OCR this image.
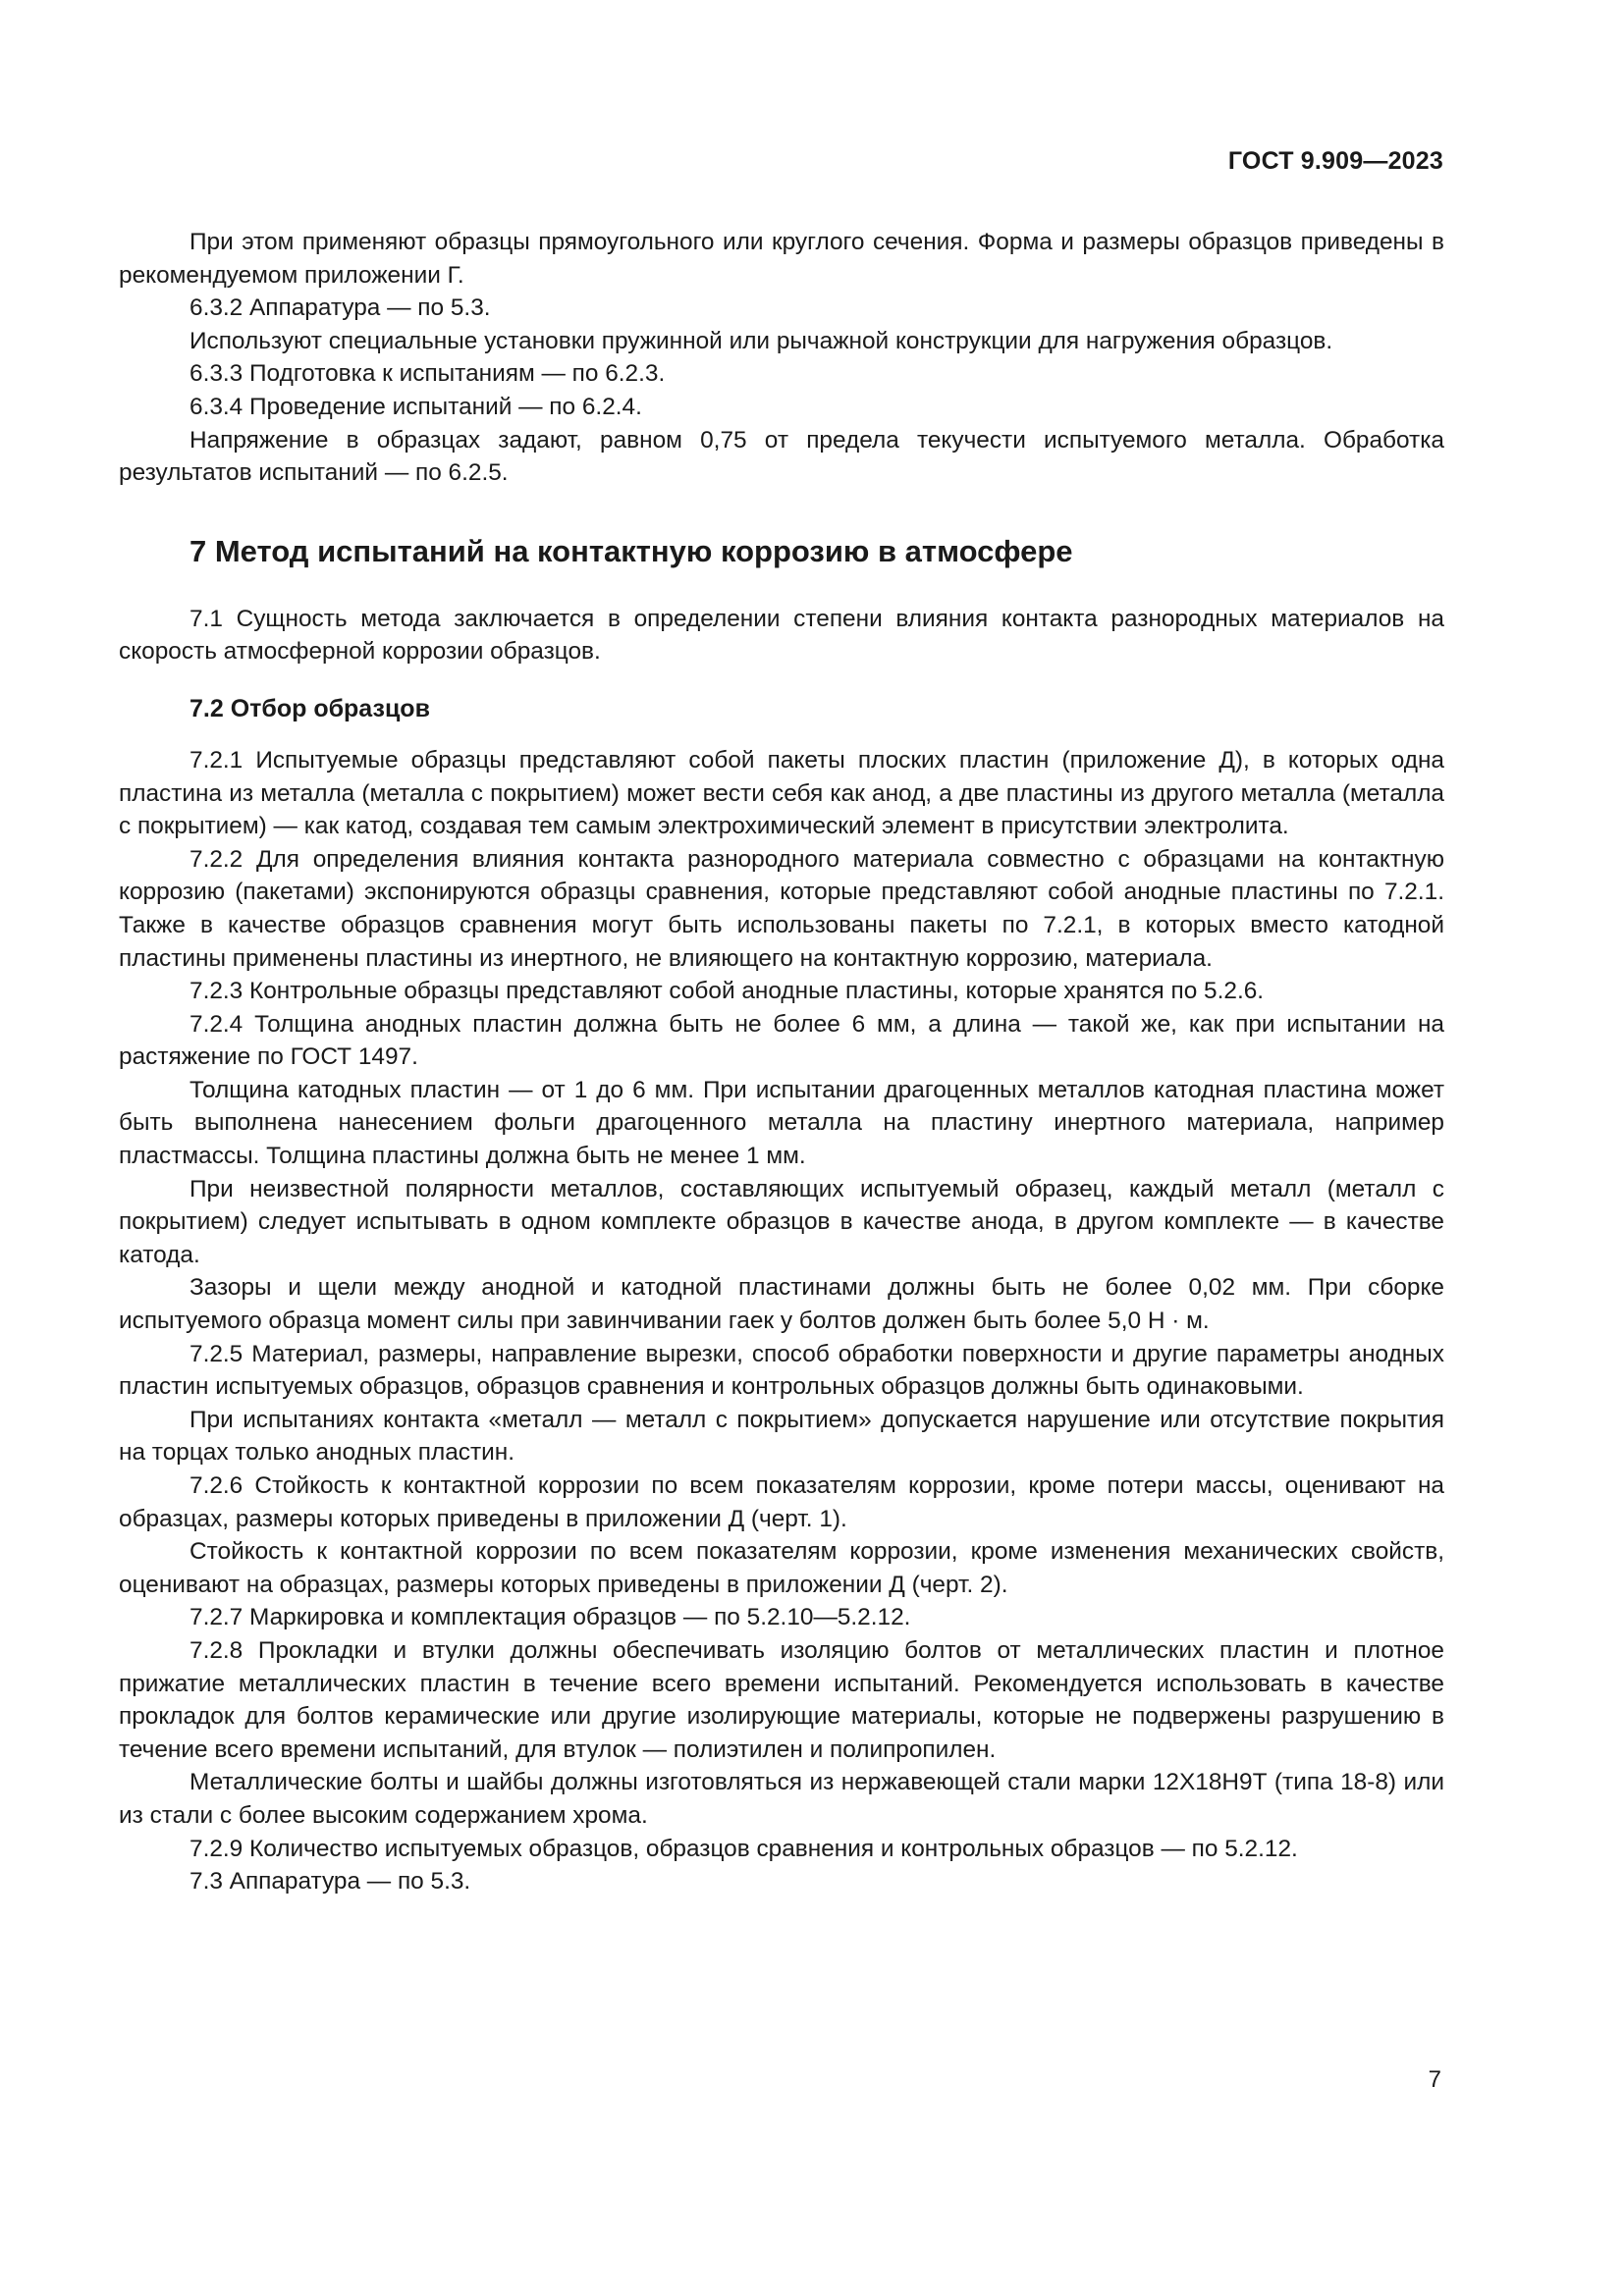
ГОСТ 9.909—2023

При этом применяют образцы прямоугольного или круглого сечения. Форма и размеры образцов приведены в рекомендуемом приложении Г.

6.3.2 Аппаратура — по 5.3.

Используют специальные установки пружинной или рычажной конструкции для нагружения образцов.

6.3.3 Подготовка к испытаниям — по 6.2.3.

6.3.4 Проведение испытаний — по 6.2.4.

Напряжение в образцах задают, равном 0,75 от предела текучести испытуемого металла. Обработка результатов испытаний — по 6.2.5.

7 Метод испытаний на контактную коррозию в атмосфере

7.1 Сущность метода заключается в определении степени влияния контакта разнородных материалов на скорость атмосферной коррозии образцов.

7.2 Отбор образцов

7.2.1 Испытуемые образцы представляют собой пакеты плоских пластин (приложение Д), в которых одна пластина из металла (металла с покрытием) может вести себя как анод, а две пластины из другого металла (металла с покрытием) — как катод, создавая тем самым электрохимический элемент в присутствии электролита.

7.2.2 Для определения влияния контакта разнородного материала совместно с образцами на контактную коррозию (пакетами) экспонируются образцы сравнения, которые представляют собой анодные пластины по 7.2.1. Также в качестве образцов сравнения могут быть использованы пакеты по 7.2.1, в которых вместо катодной пластины применены пластины из инертного, не влияющего на контактную коррозию, материала.

7.2.3 Контрольные образцы представляют собой анодные пластины, которые хранятся по 5.2.6.

7.2.4 Толщина анодных пластин должна быть не более 6 мм, а длина — такой же, как при испытании на растяжение по ГОСТ 1497.

Толщина катодных пластин — от 1 до 6 мм. При испытании драгоценных металлов катодная пластина может быть выполнена нанесением фольги драгоценного металла на пластину инертного материала, например пластмассы. Толщина пластины должна быть не менее 1 мм.

При неизвестной полярности металлов, составляющих испытуемый образец, каждый металл (металл с покрытием) следует испытывать в одном комплекте образцов в качестве анода, в другом комплекте — в качестве катода.

Зазоры и щели между анодной и катодной пластинами должны быть не более 0,02 мм. При сборке испытуемого образца момент силы при завинчивании гаек у болтов должен быть более 5,0 Н · м.

7.2.5 Материал, размеры, направление вырезки, способ обработки поверхности и другие параметры анодных пластин испытуемых образцов, образцов сравнения и контрольных образцов должны быть одинаковыми.

При испытаниях контакта «металл — металл с покрытием» допускается нарушение или отсутствие покрытия на торцах только анодных пластин.

7.2.6 Стойкость к контактной коррозии по всем показателям коррозии, кроме потери массы, оценивают на образцах, размеры которых приведены в приложении Д (черт. 1).

Стойкость к контактной коррозии по всем показателям коррозии, кроме изменения механических свойств, оценивают на образцах, размеры которых приведены в приложении Д (черт. 2).

7.2.7 Маркировка и комплектация образцов — по 5.2.10—5.2.12.

7.2.8 Прокладки и втулки должны обеспечивать изоляцию болтов от металлических пластин и плотное прижатие металлических пластин в течение всего времени испытаний. Рекомендуется использовать в качестве прокладок для болтов керамические или другие изолирующие материалы, которые не подвержены разрушению в течение всего времени испытаний, для втулок — полиэтилен и полипропилен.

Металлические болты и шайбы должны изготовляться из нержавеющей стали марки 12Х18Н9Т (типа 18-8) или из стали с более высоким содержанием хрома.

7.2.9 Количество испытуемых образцов, образцов сравнения и контрольных образцов — по 5.2.12.

7.3 Аппаратура — по 5.3.

7
